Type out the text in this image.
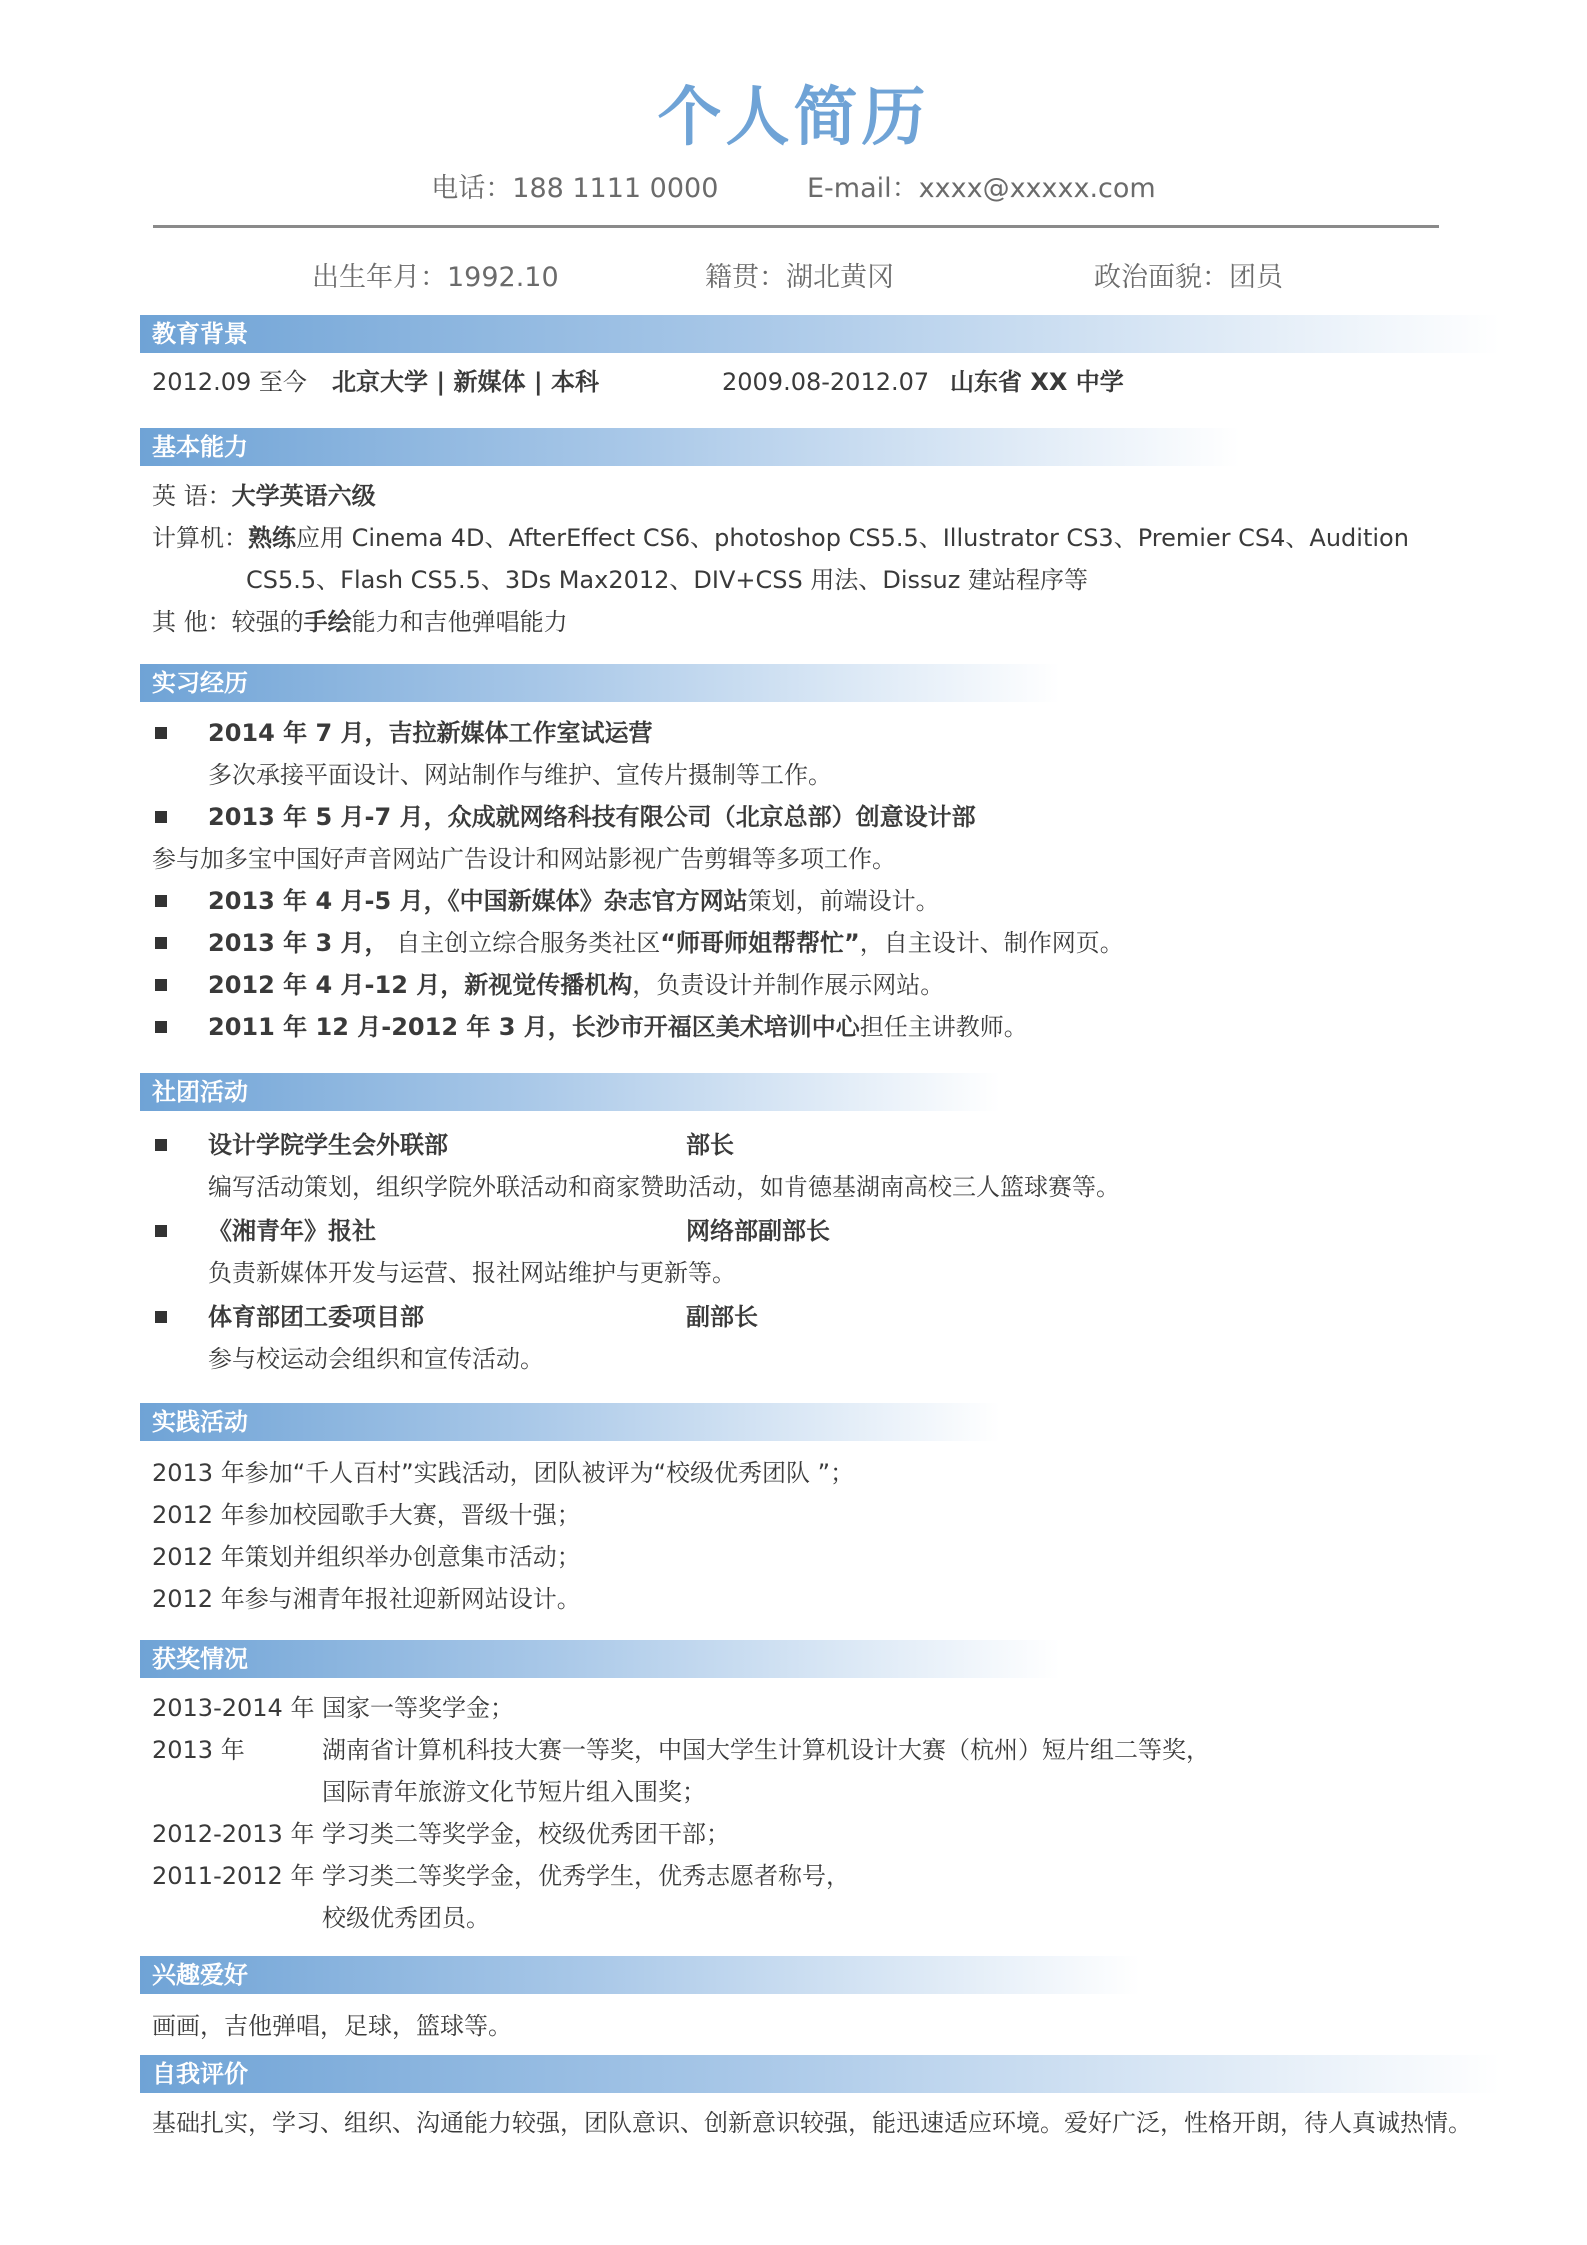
个人简历
电话：188 1111 0000	E-mail：xxxx@xxxxx.com
出生年月：1992.10	籍贯：湖北黄冈	政治面貌：团员
教育背景
2012.09 至今 北京大学 | 新媒体 | 本科	2009.08-2012.07 山东省 XX 中学
基本能力
英 语：大学英语六级
计算机：熟练应用 Cinema 4D、AfterEffect CS6、photoshop CS5.5、Illustrator CS3、Premier CS4、Audition
CS5.5、Flash CS5.5、3Ds Max2012、DIV+CSS 用法、Dissuz 建站程序等
其 他：较强的手绘能力和吉他弹唱能力
实习经历
2014 年 7 月，吉拉新媒体工作室试运营
多次承接平面设计、网站制作与维护、宣传片摄制等工作。
2013 年 5 月-7 月，众成就网络科技有限公司（北京总部）创意设计部
参与加多宝中国好声音网站广告设计和网站影视广告剪辑等多项工作。
2013 年 4 月-5 月，《中国新媒体》杂志官方网站策划，前端设计。
2013 年 3 月， 自主创立综合服务类社区“师哥师姐帮帮忙”，自主设计、制作网页。
2012 年 4 月-12 月，新视觉传播机构，负责设计并制作展示网站。
2011 年 12 月-2012 年 3 月，长沙市开福区美术培训中心担任主讲教师。
社团活动
设计学院学生会外联部	部长
编写活动策划，组织学院外联活动和商家赞助活动，如肯德基湖南高校三人篮球赛等。
《湘青年》报社	网络部副部长
负责新媒体开发与运营、报社网站维护与更新等。
体育部团工委项目部	副部长
参与校运动会组织和宣传活动。
实践活动
2013 年参加“千人百村”实践活动，团队被评为“校级优秀团队 ”；
2012 年参加校园歌手大赛，晋级十强；
2012 年策划并组织举办创意集市活动；
2012 年参与湘青年报社迎新网站设计。
获奖情况
2013-2014 年 国家一等奖学金；
2013 年	湖南省计算机科技大赛一等奖，中国大学生计算机设计大赛（杭州）短片组二等奖，
国际青年旅游文化节短片组入围奖；
2012-2013 年 学习类二等奖学金，校级优秀团干部；
2011-2012 年 学习类二等奖学金，优秀学生，优秀志愿者称号，
校级优秀团员。
兴趣爱好
画画，吉他弹唱，足球，篮球等。
自我评价
基础扎实，学习、组织、沟通能力较强，团队意识、创新意识较强，能迅速适应环境。爱好广泛，性格开朗，待人真诚热情。
